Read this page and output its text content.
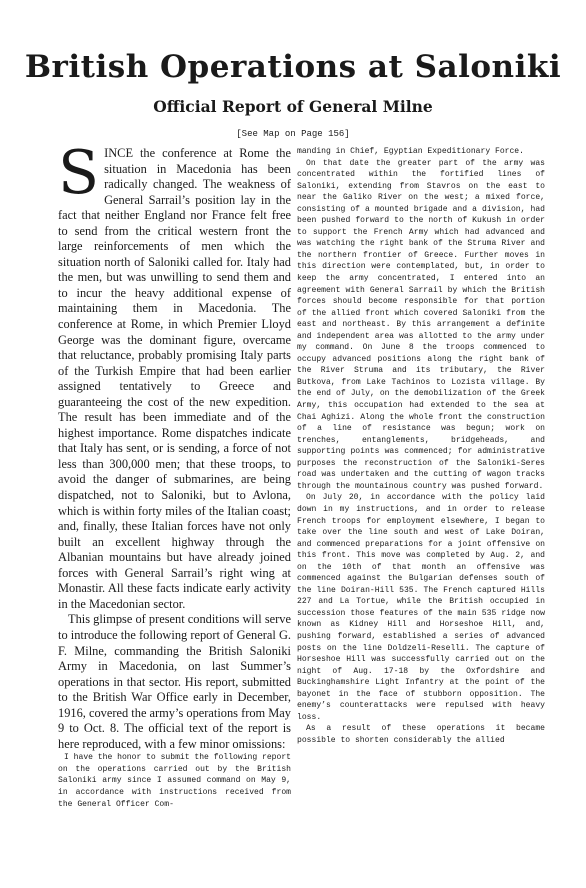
British Operations at Saloniki
Official Report of General Milne
[See Map on Page 156]

SINCE the conference at Rome the situation in Macedonia has been radically changed. The weakness of General Sarrail’s position lay in the fact that neither England nor France felt free to send from the critical western front the large reinforcements of men which the situation north of Saloniki called for. Italy had the men, but was unwilling to send them and to incur the heavy additional expense of maintaining them in Macedonia. The conference at Rome, in which Premier Lloyd George was the dominant figure, overcame that reluctance, probably promising Italy parts of the Turkish Empire that had been earlier assigned tentatively to Greece and guaranteeing the cost of the new expedition. The result has been immediate and of the highest importance. Rome dispatches indicate that Italy has sent, or is sending, a force of not less than 300,000 men; that these troops, to avoid the danger of submarines, are being dispatched, not to Saloniki, but to Avlona, which is within forty miles of the Italian coast; and, finally, these Italian forces have not only built an excellent highway through the Albanian mountains but have already joined forces with General Sarrail’s right wing at Monastir. All these facts indicate early activity in the Macedonian sector.

This glimpse of present conditions will serve to introduce the following report of General G. F. Milne, commanding the British Saloniki Army in Macedonia, on last Summer’s operations in that sector. His report, submitted to the British War Office early in December, 1916, covered the army’s operations from May 9 to Oct. 8. The official text of the report is here reproduced, with a few minor omissions:

I have the honor to submit the following report on the operations carried out by the British Saloniki army since I assumed command on May 9, in accordance with instructions received from the General Officer Com-

manding in Chief, Egyptian Expeditionary Force.

On that date the greater part of the army was concentrated within the fortified lines of Saloniki, extending from Stavros on the east to near the Galiko River on the west; a mixed force, consisting of a mounted brigade and a division, had been pushed forward to the north of Kukush in order to support the French Army which had advanced and was watching the right bank of the Struma River and the northern frontier of Greece. Further moves in this direction were contemplated, but, in order to keep the army concentrated, I entered into an agreement with General Sarrail by which the British forces should become responsible for that portion of the allied front which covered Saloniki from the east and northeast. By this arrangement a definite and independent area was allotted to the army under my command. On June 8 the troops commenced to occupy advanced positions along the right bank of the River Struma and its tributary, the River Butkova, from Lake Tachinos to Lozista village. By the end of July, on the demobilization of the Greek Army, this occupation had extended to the sea at Chai Aghizi. Along the whole front the construction of a line of resistance was begun; work on trenches, entanglements, bridgeheads, and supporting points was commenced; for administrative purposes the reconstruction of the Saloniki-Seres road was undertaken and the cutting of wagon tracks through the mountainous country was pushed forward.

On July 20, in accordance with the policy laid down in my instructions, and in order to release French troops for employment elsewhere, I began to take over the line south and west of Lake Doiran, and commenced preparations for a joint offensive on this front. This move was completed by Aug. 2, and on the 10th of that month an offensive was commenced against the Bulgarian defenses south of the line Doiran-Hill 535. The French captured Hills 227 and La Tortue, while the British occupied in succession those features of the main 535 ridge now known as Kidney Hill and Horseshoe Hill, and, pushing forward, established a series of advanced posts on the line Doldzeli-Reselli. The capture of Horseshoe Hill was successfully carried out on the night of Aug. 17-18 by the Oxfordshire and Buckinghamshire Light Infantry at the point of the bayonet in the face of stubborn opposition. The enemy’s counterattacks were repulsed with heavy loss.

As a result of these operations it became possible to shorten considerably the allied
